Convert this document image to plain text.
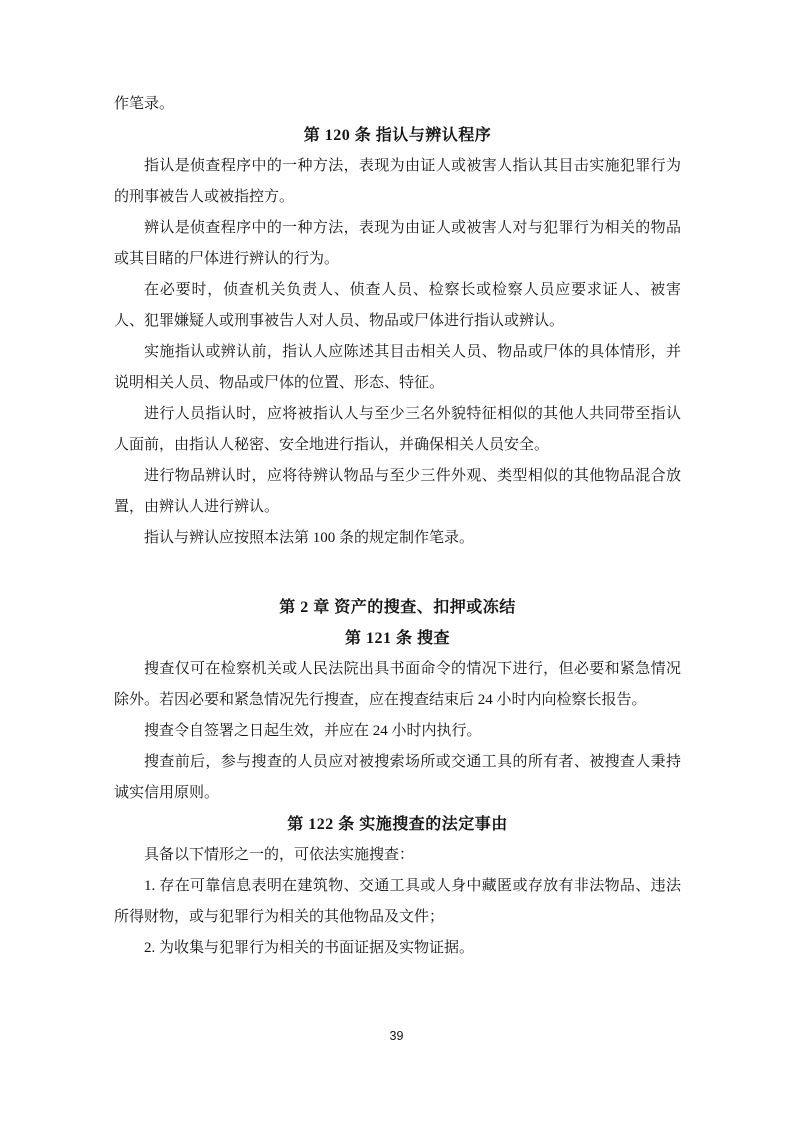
作笔录。

第 120 条 指认与辨认程序

指认是侦查程序中的一种方法，表现为由证人或被害人指认其目击实施犯罪行为的刑事被告人或被指控方。

辨认是侦查程序中的一种方法，表现为由证人或被害人对与犯罪行为相关的物品或其目睹的尸体进行辨认的行为。

在必要时，侦查机关负责人、侦查人员、检察长或检察人员应要求证人、被害人、犯罪嫌疑人或刑事被告人对人员、物品或尸体进行指认或辨认。

实施指认或辨认前，指认人应陈述其目击相关人员、物品或尸体的具体情形，并说明相关人员、物品或尸体的位置、形态、特征。

进行人员指认时，应将被指认人与至少三名外貌特征相似的其他人共同带至指认人面前，由指认人秘密、安全地进行指认，并确保相关人员安全。

进行物品辨认时，应将待辨认物品与至少三件外观、类型相似的其他物品混合放置，由辨认人进行辨认。

指认与辨认应按照本法第 100 条的规定制作笔录。

第 2 章 资产的搜查、扣押或冻结
第 121 条 搜查

搜查仅可在检察机关或人民法院出具书面命令的情况下进行，但必要和紧急情况除外。若因必要和紧急情况先行搜查，应在搜查结束后 24 小时内向检察长报告。

搜查令自签署之日起生效，并应在 24 小时内执行。

搜查前后，参与搜查的人员应对被搜索场所或交通工具的所有者、被搜查人秉持诚实信用原则。

第 122 条 实施搜查的法定事由

具备以下情形之一的，可依法实施搜查：

1. 存在可靠信息表明在建筑物、交通工具或人身中藏匿或存放有非法物品、违法所得财物，或与犯罪行为相关的其他物品及文件；

2. 为收集与犯罪行为相关的书面证据及实物证据。

39
